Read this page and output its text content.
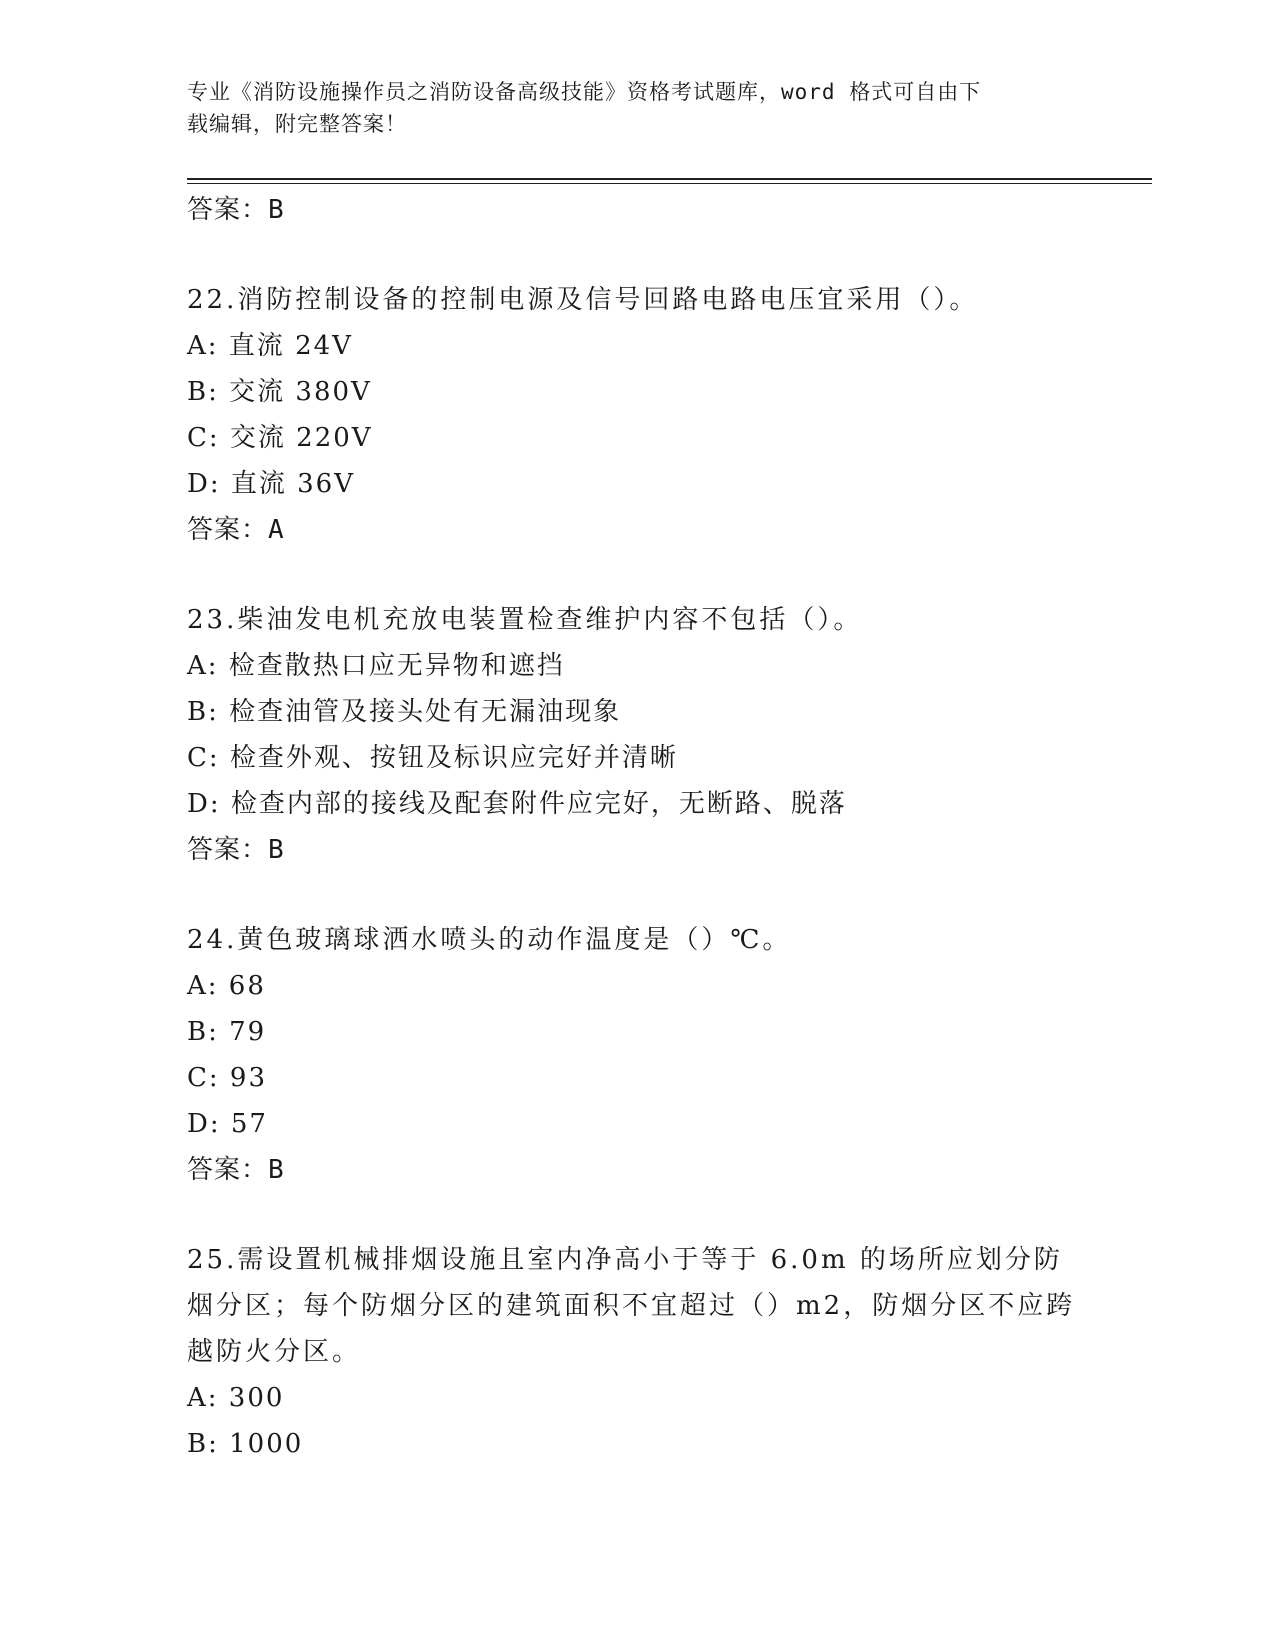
专业《消防设施操作员之消防设备高级技能》资格考试题库，word 格式可自由下
载编辑，附完整答案！
答案：B
22.消防控制设备的控制电源及信号回路电路电压宜采用（）。
A: 直流 24V
B: 交流 380V
C: 交流 220V
D: 直流 36V
答案：A
23.柴油发电机充放电装置检查维护内容不包括（）。
A: 检查散热口应无异物和遮挡
B: 检查油管及接头处有无漏油现象
C: 检查外观、按钮及标识应完好并清晰
D: 检查内部的接线及配套附件应完好，无断路、脱落
答案：B
24.黄色玻璃球洒水喷头的动作温度是（）℃。
A: 68
B: 79
C: 93
D: 57
答案：B
25.需设置机械排烟设施且室内净高小于等于 6.0m 的场所应划分防烟分区；每个防烟分区的建筑面积不宜超过（）m2，防烟分区不应跨越防火分区。
A: 300
B: 1000
